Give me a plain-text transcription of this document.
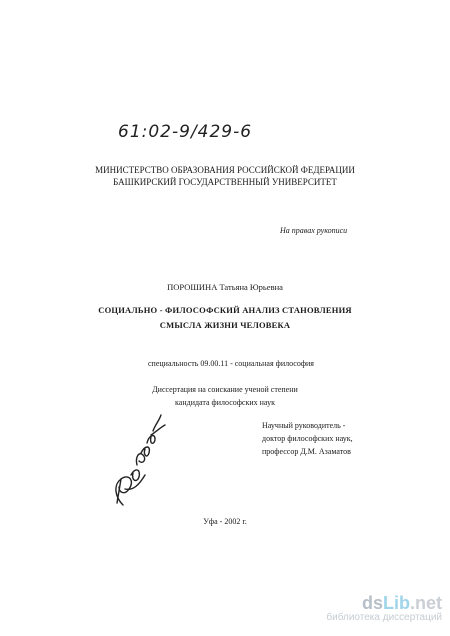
61:02-9/429-6
МИНИСТЕРСТВО ОБРАЗОВАНИЯ РОССИЙСКОЙ ФЕДЕРАЦИИ
БАШКИРСКИЙ ГОСУДАРСТВЕННЫЙ УНИВЕРСИТЕТ
На правах рукописи
ПОРОШИНА Татьяна Юрьевна
СОЦИАЛЬНО - ФИЛОСОФСКИЙ АНАЛИЗ СТАНОВЛЕНИЯ
СМЫСЛА ЖИЗНИ ЧЕЛОВЕКА
специальность 09.00.11 - социальная философия
Диссертация на соискание ученой степени
кандидата философских наук
Научный руководитель -
доктор философских наук,
профессор Д.М. Азаматов
Уфа - 2002 г.
dsLib.net
библиотека диссертаций
